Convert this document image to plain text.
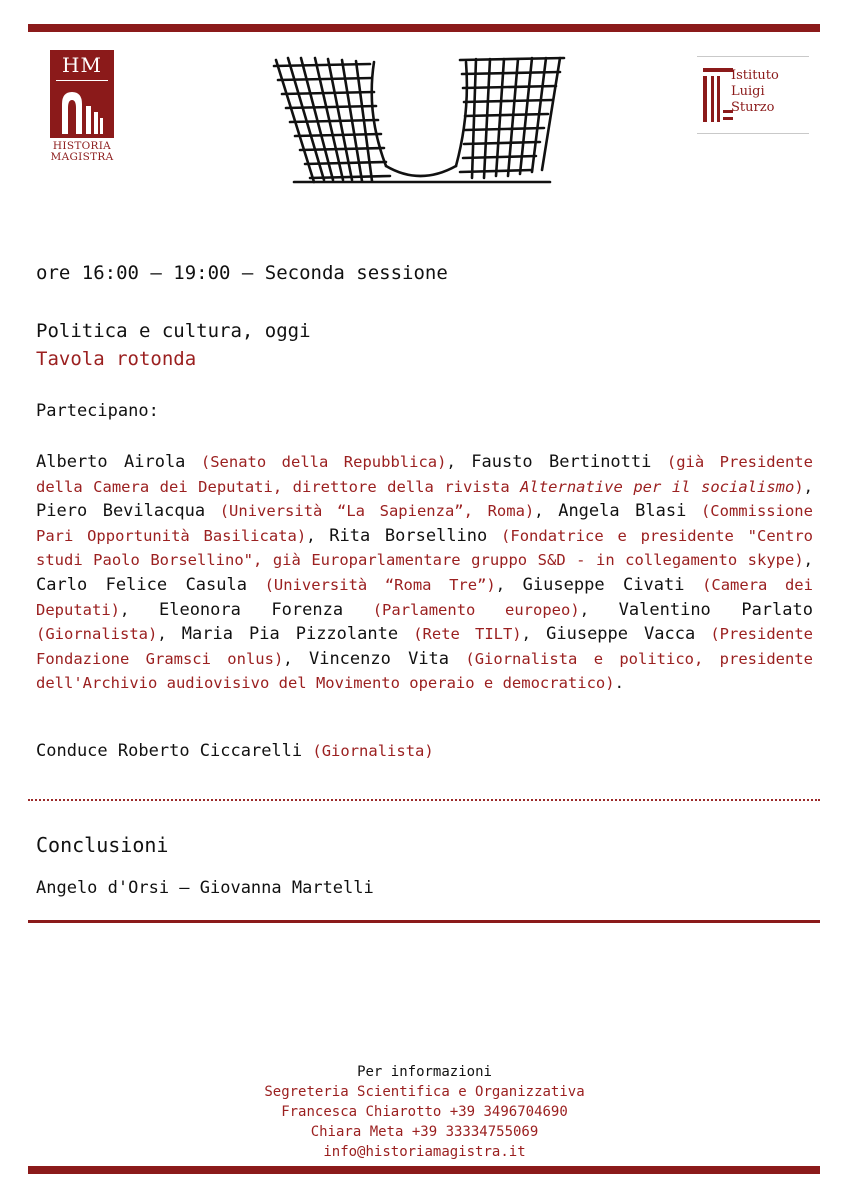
HM
HISTORIA
MAGISTRA
Istituto
Luigi
Sturzo
ore 16:00 – 19:00 – Seconda sessione
Politica e cultura, oggi
Tavola rotonda
Partecipano:
Alberto Airola (Senato della Repubblica), Fausto Bertinotti (già Presidente della Camera dei Deputati, direttore della rivista Alternative per il socialismo), Piero Bevilacqua (Università “La Sapienza”, Roma), Angela Blasi (Commissione Pari Opportunità Basilicata), Rita Borsellino (Fondatrice e presidente "Centro studi Paolo Borsellino", già Europarlamentare gruppo S&D - in collegamento skype), Carlo Felice Casula (Università “Roma Tre”), Giuseppe Civati (Camera dei Deputati), Eleonora Forenza (Parlamento europeo), Valentino Parlato (Giornalista), Maria Pia Pizzolante (Rete TILT), Giuseppe Vacca (Presidente Fondazione Gramsci onlus), Vincenzo Vita (Giornalista e politico, presidente dell'Archivio audiovisivo del Movimento operaio e democratico).
Conduce Roberto Ciccarelli (Giornalista)
Conclusioni
Angelo d'Orsi – Giovanna Martelli
Per informazioni
Segreteria Scientifica e Organizzativa
Francesca Chiarotto +39 3496704690
Chiara Meta +39 33334755069
info@historiamagistra.it
